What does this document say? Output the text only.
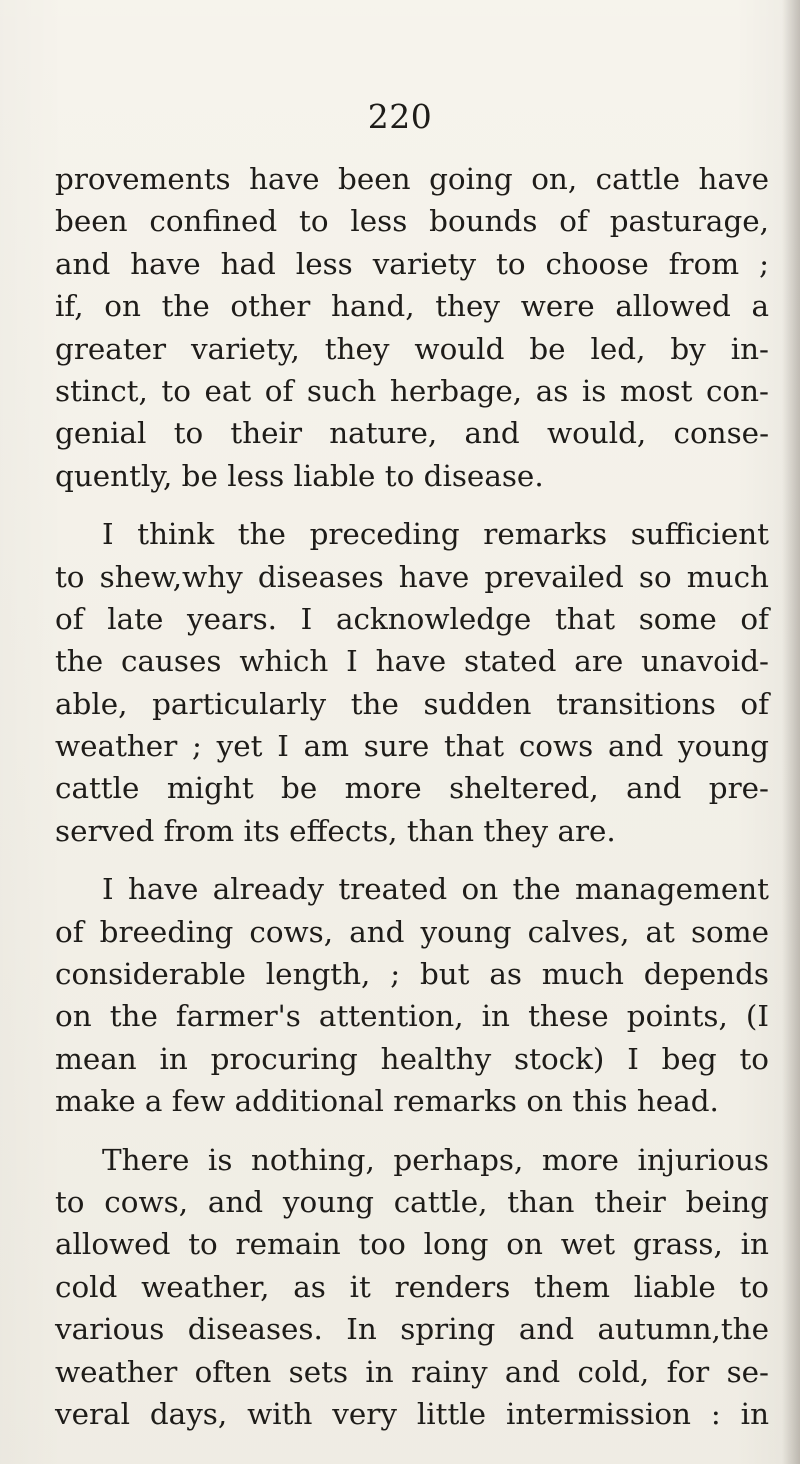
220
provements have been going on, cattle have
been confined to less bounds of pasturage,
and have had less variety to choose from ;
if, on the other hand, they were allowed a
greater variety, they would be led, by in-
stinct, to eat of such herbage, as is most con-
genial to their nature, and would, conse-
quently, be less liable to disease.
I think the preceding remarks sufficient
to shew,why diseases have prevailed so much
of late years. I acknowledge that some of
the causes which I have stated are unavoid-
able, particularly the sudden transitions of
weather ; yet I am sure that cows and young
cattle might be more sheltered, and pre-
served from its effects, than they are.
I have already treated on the management
of breeding cows, and young calves, at some
considerable length, ; but as much depends
on the farmer's attention, in these points, (I
mean in procuring healthy stock) I beg to
make a few additional remarks on this head.
There is nothing, perhaps, more injurious
to cows, and young cattle, than their being
allowed to remain too long on wet grass, in
cold weather, as it renders them liable to
various diseases. In spring and autumn,the
weather often sets in rainy and cold, for se-
veral days, with very little intermission : in
